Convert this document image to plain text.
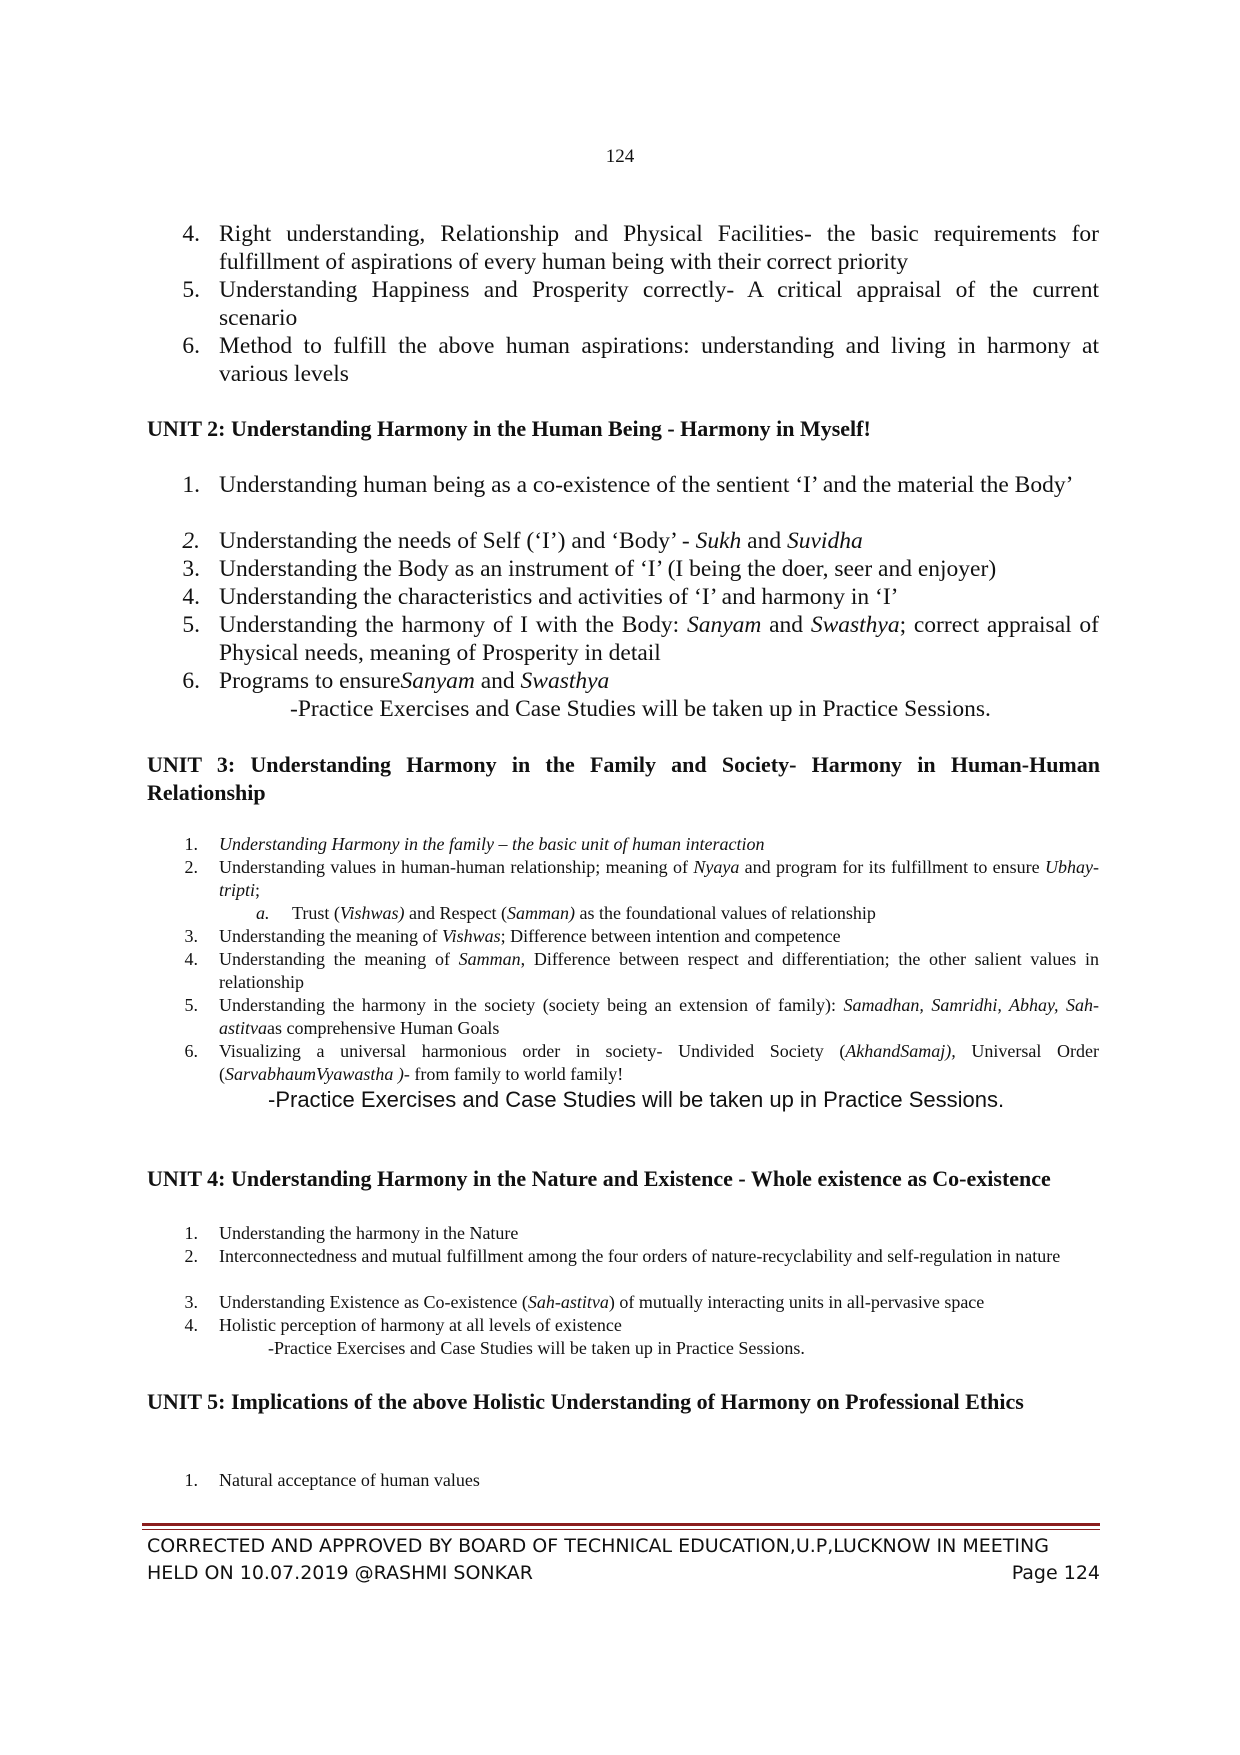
124
4. Right understanding, Relationship and Physical Facilities- the basic requirements for fulfillment of aspirations of every human being with their correct priority
5. Understanding Happiness and Prosperity correctly- A critical appraisal of the current scenario
6. Method to fulfill the above human aspirations: understanding and living in harmony at various levels
UNIT 2: Understanding Harmony in the Human Being - Harmony in Myself!
1. Understanding human being as a co-existence of the sentient ‘I’ and the material the Body’
2. Understanding the needs of Self (‘I’) and ‘Body’ - Sukh and Suvidha
3. Understanding the Body as an instrument of ‘I’ (I being the doer, seer and enjoyer)
4. Understanding the characteristics and activities of ‘I’ and harmony in ‘I’
5. Understanding the harmony of I with the Body: Sanyam and Swasthya; correct appraisal of Physical needs, meaning of Prosperity in detail
6. Programs to ensureSanyam and Swasthya
-Practice Exercises and Case Studies will be taken up in Practice Sessions.
UNIT 3: Understanding Harmony in the Family and Society- Harmony in Human-Human Relationship
1. Understanding Harmony in the family – the basic unit of human interaction
2. Understanding values in human-human relationship; meaning of Nyaya and program for its fulfillment to ensure Ubhay-tripti;
a. Trust (Vishwas) and Respect (Samman) as the foundational values of relationship
3. Understanding the meaning of Vishwas; Difference between intention and competence
4. Understanding the meaning of Samman, Difference between respect and differentiation; the other salient values in relationship
5. Understanding the harmony in the society (society being an extension of family): Samadhan, Samridhi, Abhay, Sah-astitvaas comprehensive Human Goals
6. Visualizing a universal harmonious order in society- Undivided Society (AkhandSamaj), Universal Order (SarvabhaumVyawastha )- from family to world family!
-Practice Exercises and Case Studies will be taken up in Practice Sessions.
UNIT 4: Understanding Harmony in the Nature and Existence - Whole existence as Co-existence
1. Understanding the harmony in the Nature
2. Interconnectedness and mutual fulfillment among the four orders of nature-recyclability and self-regulation in nature
3. Understanding Existence as Co-existence (Sah-astitva) of mutually interacting units in all-pervasive space
4. Holistic perception of harmony at all levels of existence
-Practice Exercises and Case Studies will be taken up in Practice Sessions.
UNIT 5: Implications of the above Holistic Understanding of Harmony on Professional Ethics
1. Natural acceptance of human values
CORRECTED AND APPROVED BY BOARD OF TECHNICAL EDUCATION,U.P,LUCKNOW IN MEETING
HELD ON 10.07.2019 @RASHMI SONKAR	Page 124
